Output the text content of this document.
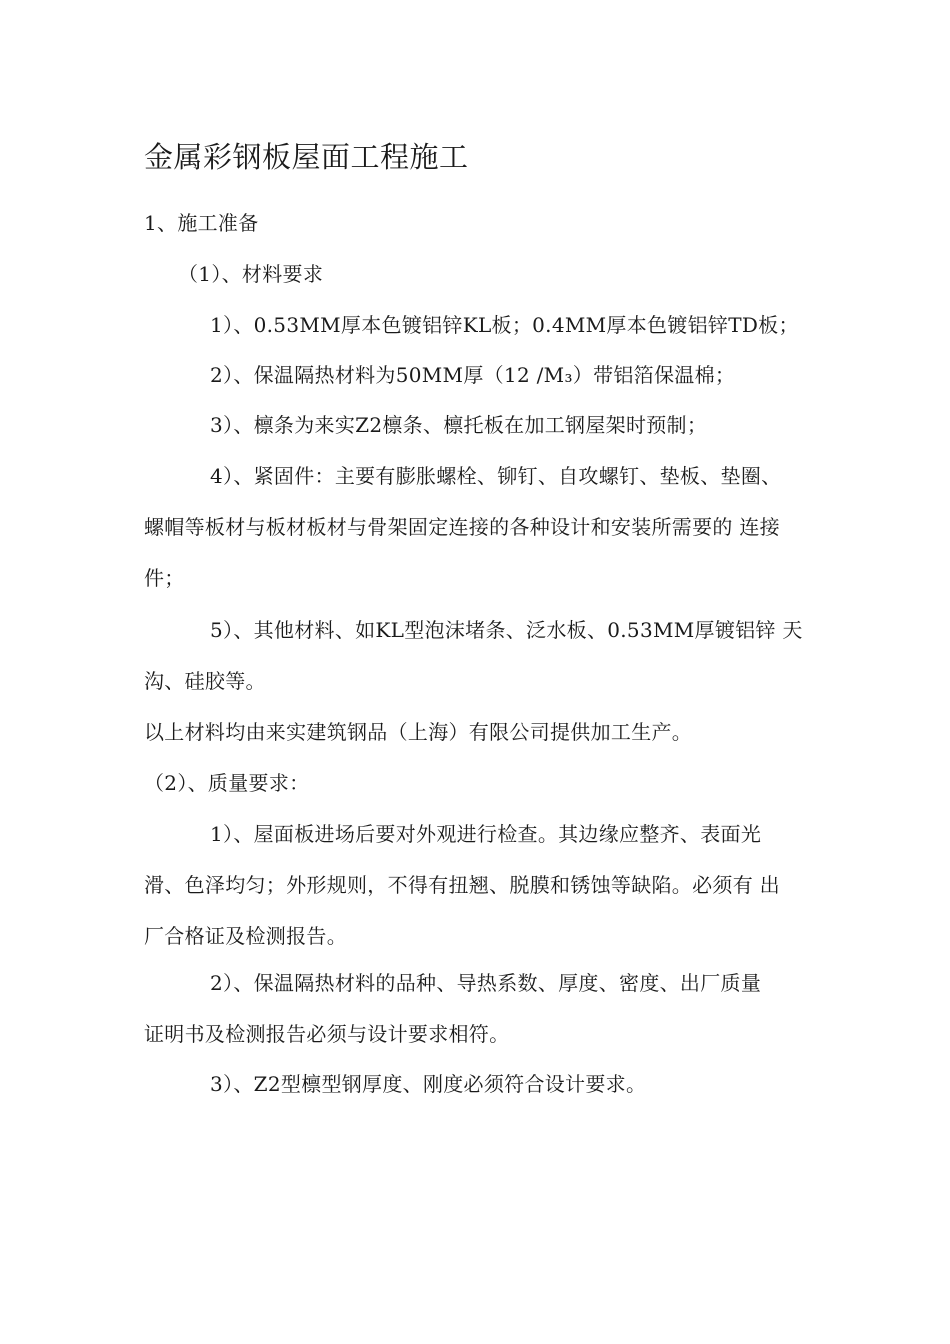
金属彩钢板屋面工程施工
1、施工准备
（1）、材料要求
1）、0.53MM厚本色镀铝锌KL板；0.4MM厚本色镀铝锌TD板；
2）、保温隔热材料为50MM厚（12 /M₃）带铝箔保温棉；
3）、檩条为来实Z2檩条、檩托板在加工钢屋架时预制；
4）、紧固件：主要有膨胀螺栓、铆钉、自攻螺钉、垫板、垫圈、
螺帽等板材与板材板材与骨架固定连接的各种设计和安装所需要的 连接
件；
5）、其他材料、如KL型泡沫堵条、泛水板、0.53MM厚镀铝锌 天
沟、硅胶等。
以上材料均由来实建筑钢品（上海）有限公司提供加工生产。
（2）、质量要求：
1）、屋面板进场后要对外观进行检查。其边缘应整齐、表面光
滑、色泽均匀；外形规则，不得有扭翘、脱膜和锈蚀等缺陷。必须有 出
厂合格证及检测报告。
2）、保温隔热材料的品种、导热系数、厚度、密度、出厂质量
证明书及检测报告必须与设计要求相符。
3）、Z2型檩型钢厚度、刚度必须符合设计要求。
